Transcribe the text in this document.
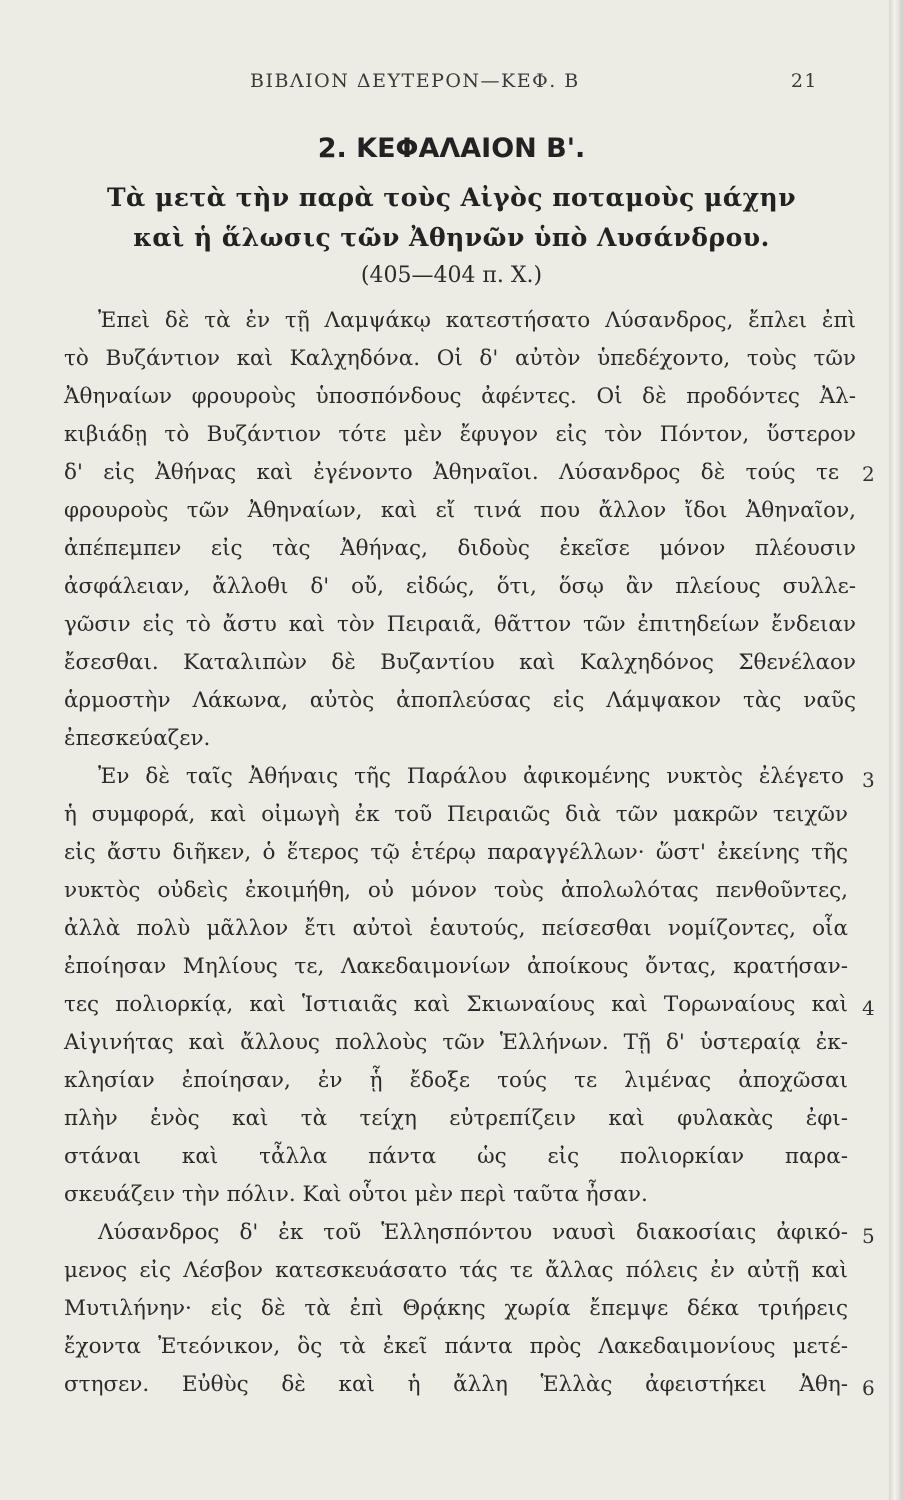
ΒΙΒΛΙΟΝ ΔΕΥΤΕΡΟΝ—ΚΕΦ. Β	21
2. ΚΕΦΑΛΑΙΟΝ Β'.
Τὰ μετὰ τὴν παρὰ τοὺς Αἰγὸς ποταμοὺς μάχην
καὶ ἡ ἅλωσις τῶν Ἀθηνῶν ὑπὸ Λυσάνδρου.
(405—404 π. Χ.)
Ἐπεὶ δὲ τὰ ἐν τῇ Λαμψάκῳ κατεστήσατο Λύσανδρος, ἔπλει ἐπὶ
τὸ Βυζάντιον καὶ Καλχηδόνα. Οἱ δ' αὐτὸν ὑπεδέχοντο, τοὺς τῶν
Ἀθηναίων φρουροὺς ὑποσπόνδους ἀφέντες. Οἱ δὲ προδόντες Ἀλ-
κιβιάδῃ τὸ Βυζάντιον τότε μὲν ἔφυγον εἰς τὸν Πόντον, ὕστερον
δ' εἰς Ἀθήνας καὶ ἐγένοντο Ἀθηναῖοι. Λύσανδρος δὲ τούς τε
φρουροὺς τῶν Ἀθηναίων, καὶ εἴ τινά που ἄλλον ἴδοι Ἀθηναῖον,
ἀπέπεμπεν εἰς τὰς Ἀθήνας, διδοὺς ἐκεῖσε μόνον πλέουσιν
ἀσφάλειαν, ἄλλοθι δ' οὔ, εἰδώς, ὅτι, ὅσῳ ἂν πλείους συλλε-
γῶσιν εἰς τὸ ἄστυ καὶ τὸν Πειραιᾶ, θᾶττον τῶν ἐπιτηδείων ἔνδειαν
ἔσεσθαι. Καταλιπὼν δὲ Βυζαντίου καὶ Καλχηδόνος Σθενέλαον
ἁρμοστὴν Λάκωνα, αὐτὸς ἀποπλεύσας εἰς Λάμψακον τὰς ναῦς
ἐπεσκεύαζεν.
Ἐν δὲ ταῖς Ἀθήναις τῆς Παράλου ἀφικομένης νυκτὸς ἐλέγετο
ἡ συμφορά, καὶ οἰμωγὴ ἐκ τοῦ Πειραιῶς διὰ τῶν μακρῶν τειχῶν
εἰς ἄστυ διῆκεν, ὁ ἕτερος τῷ ἑτέρῳ παραγγέλλων· ὥστ' ἐκείνης τῆς
νυκτὸς οὐδεὶς ἐκοιμήθη, οὐ μόνον τοὺς ἀπολωλότας πενθοῦντες,
ἀλλὰ πολὺ μᾶλλον ἔτι αὐτοὶ ἑαυτούς, πείσεσθαι νομίζοντες, οἷα
ἐποίησαν Μηλίους τε, Λακεδαιμονίων ἀποίκους ὄντας, κρατήσαν-
τες πολιορκίᾳ, καὶ Ἱστιαιᾶς καὶ Σκιωναίους καὶ Τορωναίους καὶ
Αἰγινήτας καὶ ἄλλους πολλοὺς τῶν Ἑλλήνων. Τῇ δ' ὑστεραίᾳ ἐκ-
κλησίαν ἐποίησαν, ἐν ᾗ ἔδοξε τούς τε λιμένας ἀποχῶσαι
πλὴν ἑνὸς καὶ τὰ τείχη εὐτρεπίζειν καὶ φυλακὰς ἐφι-
στάναι καὶ τἆλλα πάντα ὡς εἰς πολιορκίαν παρα-
σκευάζειν τὴν πόλιν. Καὶ οὗτοι μὲν περὶ ταῦτα ἦσαν.
Λύσανδρος δ' ἐκ τοῦ Ἑλλησπόντου ναυσὶ διακοσίαις ἀφικό-
μενος εἰς Λέσβον κατεσκευάσατο τάς τε ἄλλας πόλεις ἐν αὐτῇ καὶ
Μυτιλήνην· εἰς δὲ τὰ ἐπὶ Θρᾴκης χωρία ἔπεμψε δέκα τριήρεις
ἔχοντα Ἐτεόνικον, ὃς τὰ ἐκεῖ πάντα πρὸς Λακεδαιμονίους μετέ-
στησεν. Εὐθὺς δὲ καὶ ἡ ἄλλη Ἑλλὰς ἀφειστήκει Ἀθη-
2
3
4
5
6
